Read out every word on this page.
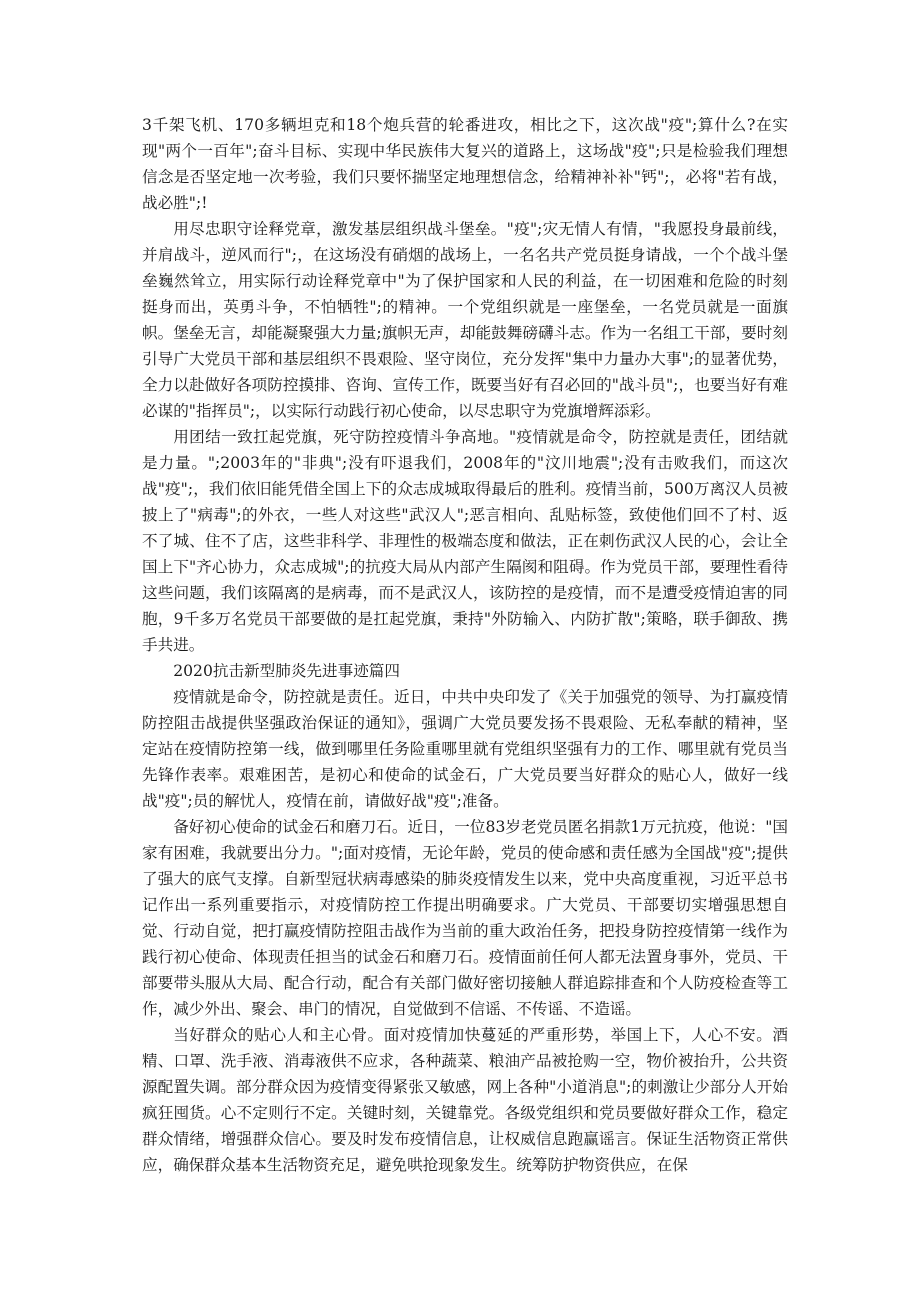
3千架飞机、170多辆坦克和18个炮兵营的轮番进攻，相比之下，这次战"疫";算什么?在实现"两个一百年";奋斗目标、实现中华民族伟大复兴的道路上，这场战"疫";只是检验我们理想信念是否坚定地一次考验，我们只要怀揣坚定地理想信念，给精神补补"钙";，必将"若有战，战必胜";!

用尽忠职守诠释党章，激发基层组织战斗堡垒。"疫";灾无情人有情，"我愿投身最前线，并肩战斗，逆风而行";，在这场没有硝烟的战场上，一名名共产党员挺身请战，一个个战斗堡垒巍然耸立，用实际行动诠释党章中"为了保护国家和人民的利益，在一切困难和危险的时刻挺身而出，英勇斗争，不怕牺牲";的精神。一个党组织就是一座堡垒，一名党员就是一面旗帜。堡垒无言，却能凝聚强大力量;旗帜无声，却能鼓舞磅礴斗志。作为一名组工干部，要时刻引导广大党员干部和基层组织不畏艰险、坚守岗位，充分发挥"集中力量办大事";的显著优势， 全力以赴做好各项防控摸排、咨询、宣传工作，既要当好有召必回的"战斗员";，也要当好有难必谋的"指挥员";，以实际行动践行初心使命，以尽忠职守为党旗增辉添彩。

用团结一致扛起党旗，死守防控疫情斗争高地。"疫情就是命令，防控就是责任，团结就是力量。";2003年的"非典";没有吓退我们，2008年的"汶川地震";没有击败我们，而这次战"疫";，我们依旧能凭借全国上下的众志成城取得最后的胜利。疫情当前，500万离汉人员被披上了"病毒";的外衣，一些人对这些"武汉人";恶言相向、乱贴标签，致使他们回不了村、返不了城、住不了店，这些非科学、非理性的极端态度和做法，正在刺伤武汉人民的心，会让全国上下"齐心协力，众志成城";的抗疫大局从内部产生隔阂和阻碍。作为党员干部，要理性看待这些问题，我们该隔离的是病毒，而不是武汉人，该防控的是疫情，而不是遭受疫情迫害的同胞，9千多万名党员干部要做的是扛起党旗，秉持"外防输入、内防扩散";策略，联手御敌、携手共进。

2020抗击新型肺炎先进事迹篇四

疫情就是命令，防控就是责任。近日，中共中央印发了《关于加强党的领导、为打赢疫情防控阻击战提供坚强政治保证的通知》，强调广大党员要发扬不畏艰险、无私奉献的精神，坚定站在疫情防控第一线，做到哪里任务险重哪里就有党组织坚强有力的工作、哪里就有党员当先锋作表率。艰难困苦，是初心和使命的试金石，广大党员要当好群众的贴心人，做好一线战"疫";员的解忧人，疫情在前，请做好战"疫";准备。

备好初心使命的试金石和磨刀石。近日，一位83岁老党员匿名捐款1万元抗疫，他说："国家有困难，我就要出分力。";面对疫情，无论年龄，党员的使命感和责任感为全国战"疫";提供了强大的底气支撑。自新型冠状病毒感染的肺炎疫情发生以来，党中央高度重视，习近平总书记作出一系列重要指示，对疫情防控工作提出明确要求。广大党员、干部要切实增强思想自觉、行动自觉，把打赢疫情防控阻击战作为当前的重大政治任务，把投身防控疫情第一线作为践行初心使命、体现责任担当的试金石和磨刀石。疫情面前任何人都无法置身事外，党员、干部要带头服从大局、配合行动，配合有关部门做好密切接触人群追踪排查和个人防疫检查等工作，减少外出、聚会、串门的情况，自觉做到不信谣、不传谣、不造谣。

当好群众的贴心人和主心骨。面对疫情加快蔓延的严重形势，举国上下，人心不安。酒精、口罩、洗手液、消毒液供不应求，各种蔬菜、粮油产品被抢购一空，物价被抬升，公共资源配置失调。部分群众因为疫情变得紧张又敏感，网上各种"小道消息";的刺激让少部分人开始疯狂囤货。心不定则行不定。关键时刻，关键靠党。各级党组织和党员要做好群众工作，稳定群众情绪，增强群众信心。要及时发布疫情信息，让权威信息跑赢谣言。保证生活物资正常供应，确保群众基本生活物资充足，避免哄抢现象发生。统筹防护物资供应，在保
